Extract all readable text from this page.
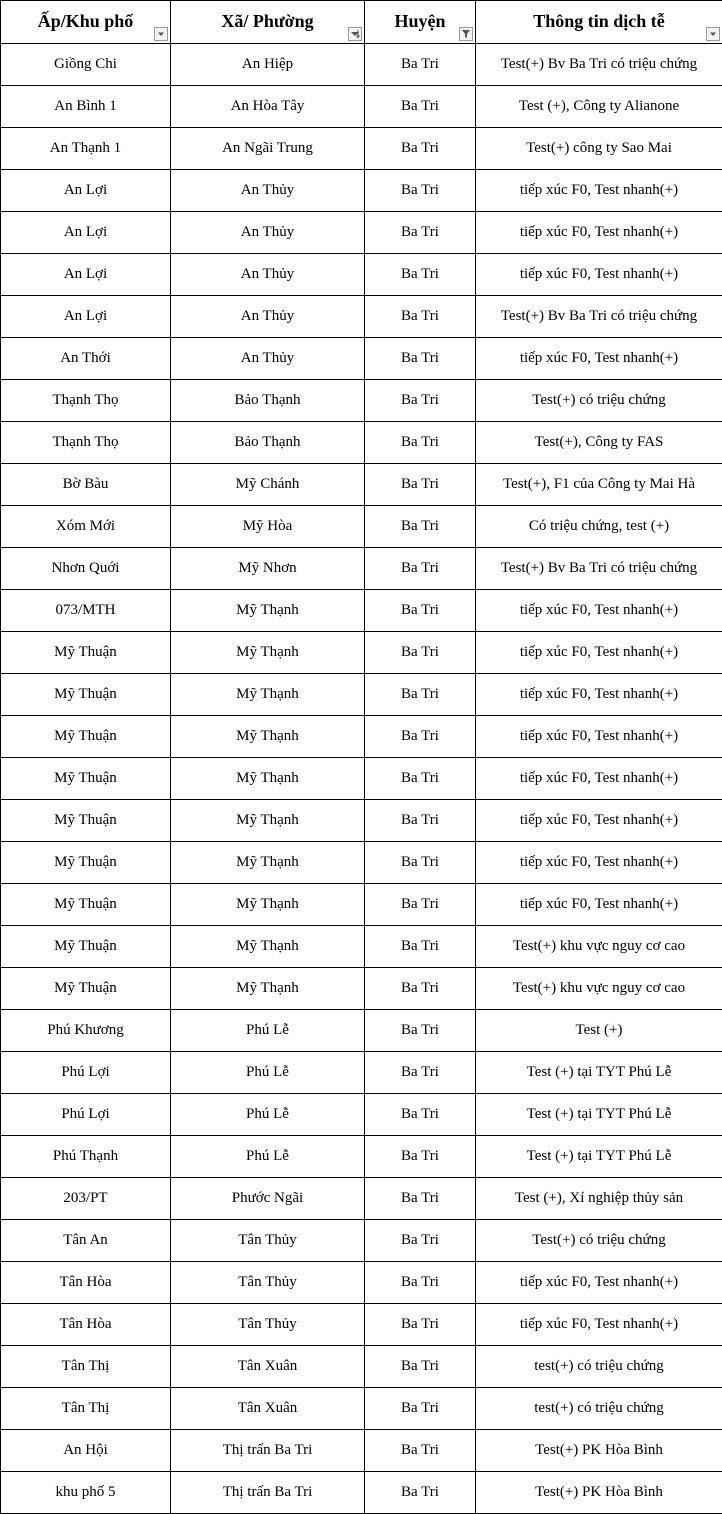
Ấp/Khu phố	Xã/ Phường	Huyện	Thông tin dịch tễ

Giồng Chi	An Hiệp	Ba Tri	Test(+) Bv Ba Tri có triệu chứng
An Bình 1	An Hòa Tây	Ba Tri	Test (+), Công ty Alianone
An Thạnh 1	An Ngãi Trung	Ba Tri	Test(+) công ty Sao Mai
An Lợi	An Thủy	Ba Tri	tiếp xúc F0, Test nhanh(+)
An Lợi	An Thủy	Ba Tri	tiếp xúc F0, Test nhanh(+)
An Lợi	An Thủy	Ba Tri	tiếp xúc F0, Test nhanh(+)
An Lợi	An Thủy	Ba Tri	Test(+) Bv Ba Tri có triệu chứng
An Thới	An Thủy	Ba Tri	tiếp xúc F0, Test nhanh(+)
Thạnh Thọ	Bảo Thạnh	Ba Tri	Test(+) có triệu chứng
Thạnh Thọ	Bảo Thạnh	Ba Tri	Test(+), Công ty FAS
Bờ Bàu	Mỹ Chánh	Ba Tri	Test(+), F1 của Công ty Mai Hà
Xóm Mới	Mỹ Hòa	Ba Tri	Có triệu chứng, test (+)
Nhơn Quới	Mỹ Nhơn	Ba Tri	Test(+) Bv Ba Tri có triệu chứng
073/MTH	Mỹ Thạnh	Ba Tri	tiếp xúc F0, Test nhanh(+)
Mỹ Thuận	Mỹ Thạnh	Ba Tri	tiếp xúc F0, Test nhanh(+)
Mỹ Thuận	Mỹ Thạnh	Ba Tri	tiếp xúc F0, Test nhanh(+)
Mỹ Thuận	Mỹ Thạnh	Ba Tri	tiếp xúc F0, Test nhanh(+)
Mỹ Thuận	Mỹ Thạnh	Ba Tri	tiếp xúc F0, Test nhanh(+)
Mỹ Thuận	Mỹ Thạnh	Ba Tri	tiếp xúc F0, Test nhanh(+)
Mỹ Thuận	Mỹ Thạnh	Ba Tri	tiếp xúc F0, Test nhanh(+)
Mỹ Thuận	Mỹ Thạnh	Ba Tri	tiếp xúc F0, Test nhanh(+)
Mỹ Thuận	Mỹ Thạnh	Ba Tri	Test(+) khu vực nguy cơ cao
Mỹ Thuận	Mỹ Thạnh	Ba Tri	Test(+) khu vực nguy cơ cao
Phú Khương	Phú Lễ	Ba Tri	Test (+)
Phú Lợi	Phú Lễ	Ba Tri	Test (+) tại TYT Phú Lễ
Phú Lợi	Phú Lễ	Ba Tri	Test (+) tại TYT Phú Lễ
Phú Thạnh	Phú Lễ	Ba Tri	Test (+) tại TYT Phú Lễ
203/PT	Phước Ngãi	Ba Tri	Test (+), Xí nghiệp thủy sản
Tân An	Tân Thủy	Ba Tri	Test(+) có triệu chứng
Tân Hòa	Tân Thủy	Ba Tri	tiếp xúc F0, Test nhanh(+)
Tân Hòa	Tân Thủy	Ba Tri	tiếp xúc F0, Test nhanh(+)
Tân Thị	Tân Xuân	Ba Tri	test(+) có triệu chứng
Tân Thị	Tân Xuân	Ba Tri	test(+) có triệu chứng
An Hội	Thị trấn Ba Tri	Ba Tri	Test(+) PK Hòa Bình
khu phố 5	Thị trấn Ba Tri	Ba Tri	Test(+) PK Hòa Bình
